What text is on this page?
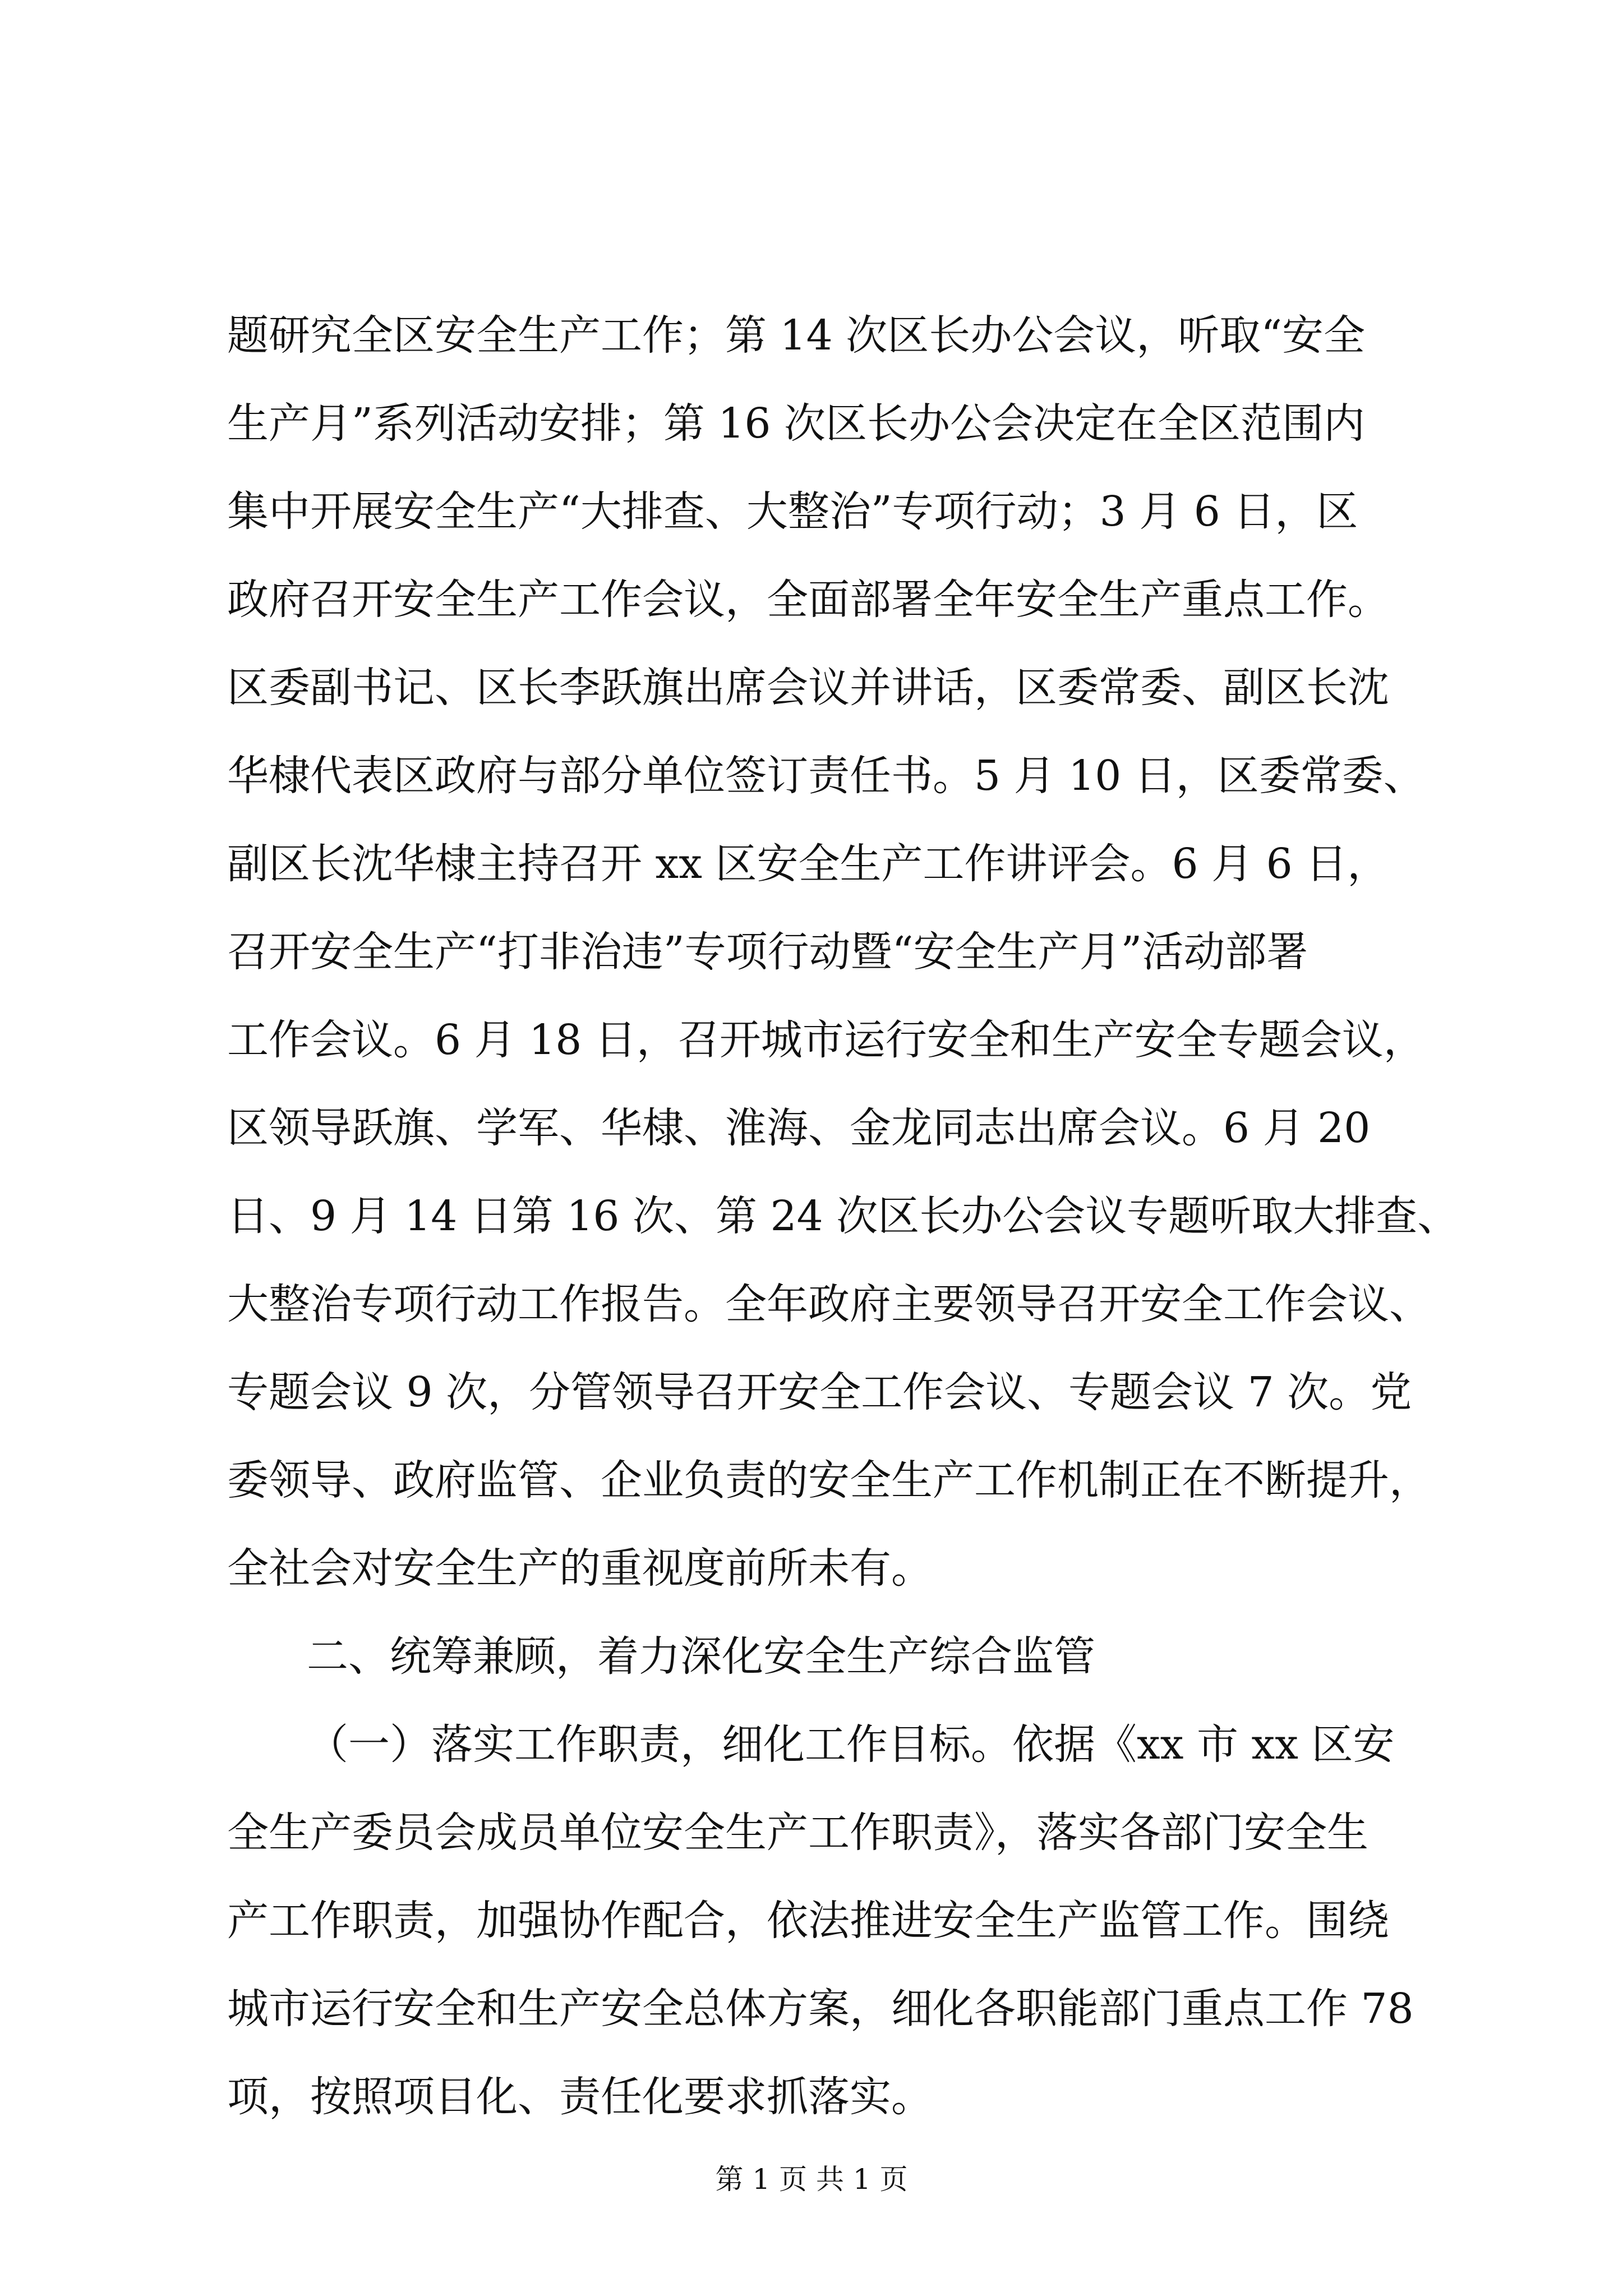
题研究全区安全生产工作；第 14 次区长办公会议，听取“安全
生产月”系列活动安排；第 16 次区长办公会决定在全区范围内
集中开展安全生产“大排查、大整治”专项行动；3 月 6 日，区
政府召开安全生产工作会议，全面部署全年安全生产重点工作。
区委副书记、区长李跃旗出席会议并讲话，区委常委、副区长沈
华棣代表区政府与部分单位签订责任书。5 月 10 日，区委常委、
副区长沈华棣主持召开 xx 区安全生产工作讲评会。6 月 6 日，
召开安全生产“打非治违”专项行动暨“安全生产月”活动部署
工作会议。6 月 18 日，召开城市运行安全和生产安全专题会议，
区领导跃旗、学军、华棣、淮海、金龙同志出席会议。6 月 20
日、9 月 14 日第 16 次、第 24 次区长办公会议专题听取大排查、
大整治专项行动工作报告。全年政府主要领导召开安全工作会议、
专题会议 9 次，分管领导召开安全工作会议、专题会议 7 次。党
委领导、政府监管、企业负责的安全生产工作机制正在不断提升，
全社会对安全生产的重视度前所未有。
二、统筹兼顾，着力深化安全生产综合监管
（一）落实工作职责，细化工作目标。依据《xx 市 xx 区安
全生产委员会成员单位安全生产工作职责》，落实各部门安全生
产工作职责，加强协作配合，依法推进安全生产监管工作。围绕
城市运行安全和生产安全总体方案，细化各职能部门重点工作 78
项，按照项目化、责任化要求抓落实。
第 1 页 共 1 页
